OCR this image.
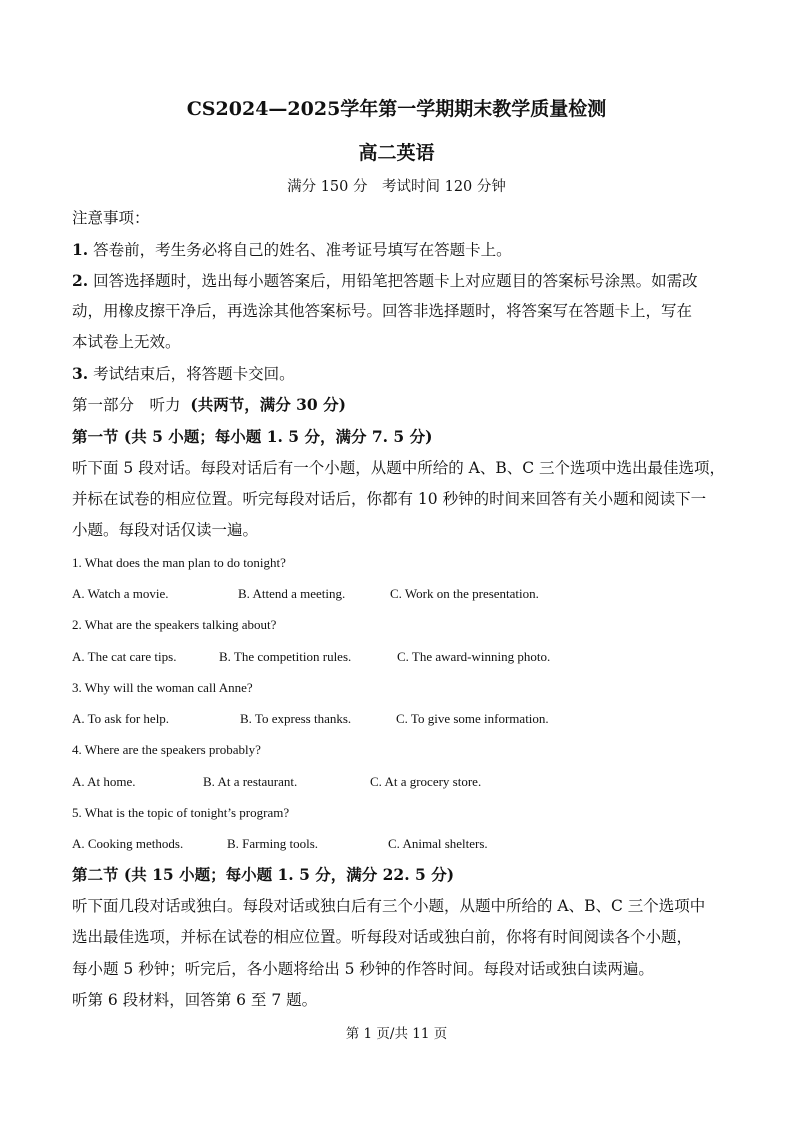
CS2024—2025学年第一学期期末教学质量检测
高二英语
满分 150 分　考试时间 120 分钟
注意事项：
1. 答卷前，考生务必将自己的姓名、准考证号填写在答题卡上。
2. 回答选择题时，选出每小题答案后，用铅笔把答题卡上对应题目的答案标号涂黑。如需改
动，用橡皮擦干净后，再选涂其他答案标号。回答非选择题时，将答案写在答题卡上，写在
本试卷上无效。
3. 考试结束后，将答题卡交回。
第一部分　听力 (共两节，满分 30 分)
第一节 (共 5 小题；每小题 1. 5 分，满分 7. 5 分)
听下面 5 段对话。每段对话后有一个小题，从题中所给的 A、B、C 三个选项中选出最佳选项，
并标在试卷的相应位置。听完每段对话后，你都有 10 秒钟的时间来回答有关小题和阅读下一
小题。每段对话仅读一遍。
1. What does the man plan to do tonight?
A. Watch a movie.	B. Attend a meeting.	C. Work on the presentation.
2. What are the speakers talking about?
A. The cat care tips.	B. The competition rules.	C. The award-winning photo.
3. Why will the woman call Anne?
A. To ask for help.	B. To express thanks.	C. To give some information.
4. Where are the speakers probably?
A. At home.	B. At a restaurant.	C. At a grocery store.
5. What is the topic of tonight’s program?
A. Cooking methods.	B. Farming tools.	C. Animal shelters.
第二节 (共 15 小题；每小题 1. 5 分，满分 22. 5 分)
听下面几段对话或独白。每段对话或独白后有三个小题，从题中所给的 A、B、C 三个选项中
选出最佳选项，并标在试卷的相应位置。听每段对话或独白前，你将有时间阅读各个小题，
每小题 5 秒钟；听完后，各小题将给出 5 秒钟的作答时间。每段对话或独白读两遍。
听第 6 段材料，回答第 6 至 7 题。
第 1 页/共 11 页
